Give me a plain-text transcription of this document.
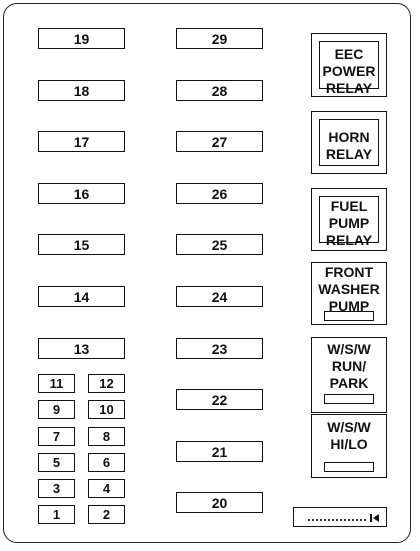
19
18
17
16
15
14
13
29
28
27
26
25
24
23
22
21
20
11	12
9	10
7	8
5	6
3	4
1	2
EEC
POWER
RELAY
HORN
RELAY
FUEL
PUMP
RELAY
FRONT
WASHER
PUMP
W/S/W
RUN/
PARK
W/S/W
HI/LO
